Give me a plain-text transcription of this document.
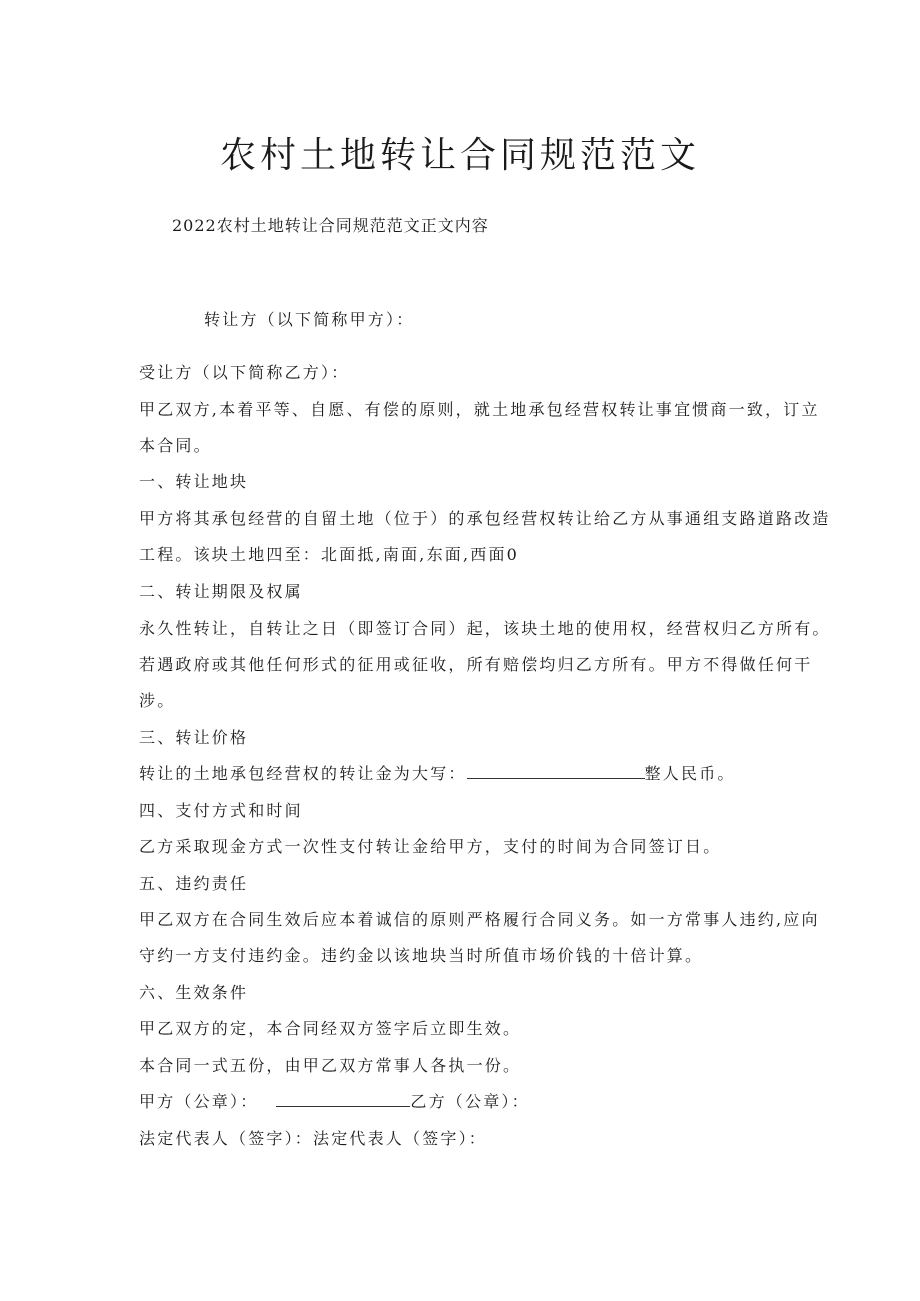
农村土地转让合同规范范文
2022农村土地转让合同规范范文正文内容
转让方（以下简称甲方）：
受让方（以下简称乙方）：
甲乙双方,本着平等、自愿、有偿的原则，就土地承包经营权转让事宜惯商一致，订立
本合同。
一、转让地块
甲方将其承包经营的自留土地（位于）的承包经营权转让给乙方从事通组支路道路改造
工程。该块土地四至：北面抵,南面,东面,西面0
二、转让期限及权属
永久性转让，自转让之日（即签订合同）起，该块土地的使用权，经营权归乙方所有。
若遇政府或其他任何形式的征用或征收，所有赔偿均归乙方所有。甲方不得做任何干
涉。
三、转让价格
转让的土地承包经营权的转让金为大写：	整人民币。
四、支付方式和时间
乙方采取现金方式一次性支付转让金给甲方，支付的时间为合同签订日。
五、违约责任
甲乙双方在合同生效后应本着诚信的原则严格履行合同义务。如一方常事人违约,应向
守约一方支付违约金。违约金以该地块当时所值市场价钱的十倍计算。
六、生效条件
甲乙双方的定，本合同经双方签字后立即生效。
本合同一式五份，由甲乙双方常事人各执一份。
甲方（公章）：	乙方（公章）：
法定代表人（签字）：法定代表人（签字）：
